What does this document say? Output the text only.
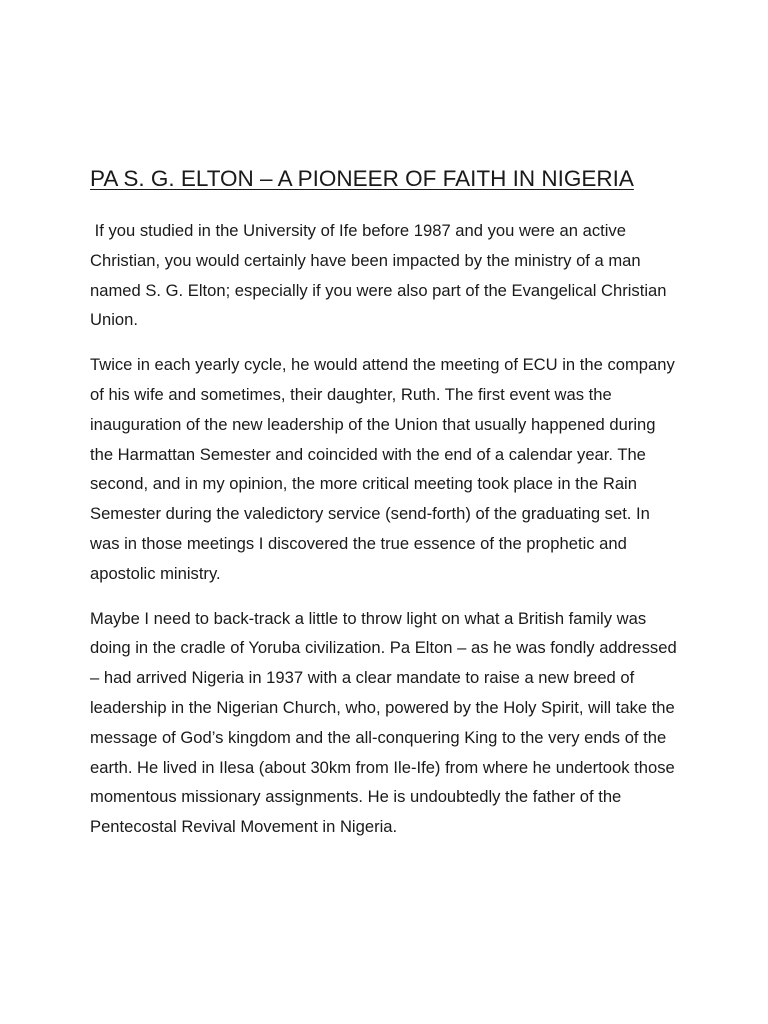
PA S. G. ELTON – A PIONEER OF FAITH IN NIGERIA

If you studied in the University of Ife before 1987 and you were an active Christian, you would certainly have been impacted by the ministry of a man named S. G. Elton; especially if you were also part of the Evangelical Christian Union.

Twice in each yearly cycle, he would attend the meeting of ECU in the company of his wife and sometimes, their daughter, Ruth. The first event was the inauguration of the new leadership of the Union that usually happened during the Harmattan Semester and coincided with the end of a calendar year. The second, and in my opinion, the more critical meeting took place in the Rain Semester during the valedictory service (send-forth) of the graduating set. In was in those meetings I discovered the true essence of the prophetic and apostolic ministry.

Maybe I need to back-track a little to throw light on what a British family was doing in the cradle of Yoruba civilization. Pa Elton – as he was fondly addressed – had arrived Nigeria in 1937 with a clear mandate to raise a new breed of leadership in the Nigerian Church, who, powered by the Holy Spirit, will take the message of God’s kingdom and the all-conquering King to the very ends of the earth. He lived in Ilesa (about 30km from Ile-Ife) from where he undertook those momentous missionary assignments. He is undoubtedly the father of the Pentecostal Revival Movement in Nigeria.
